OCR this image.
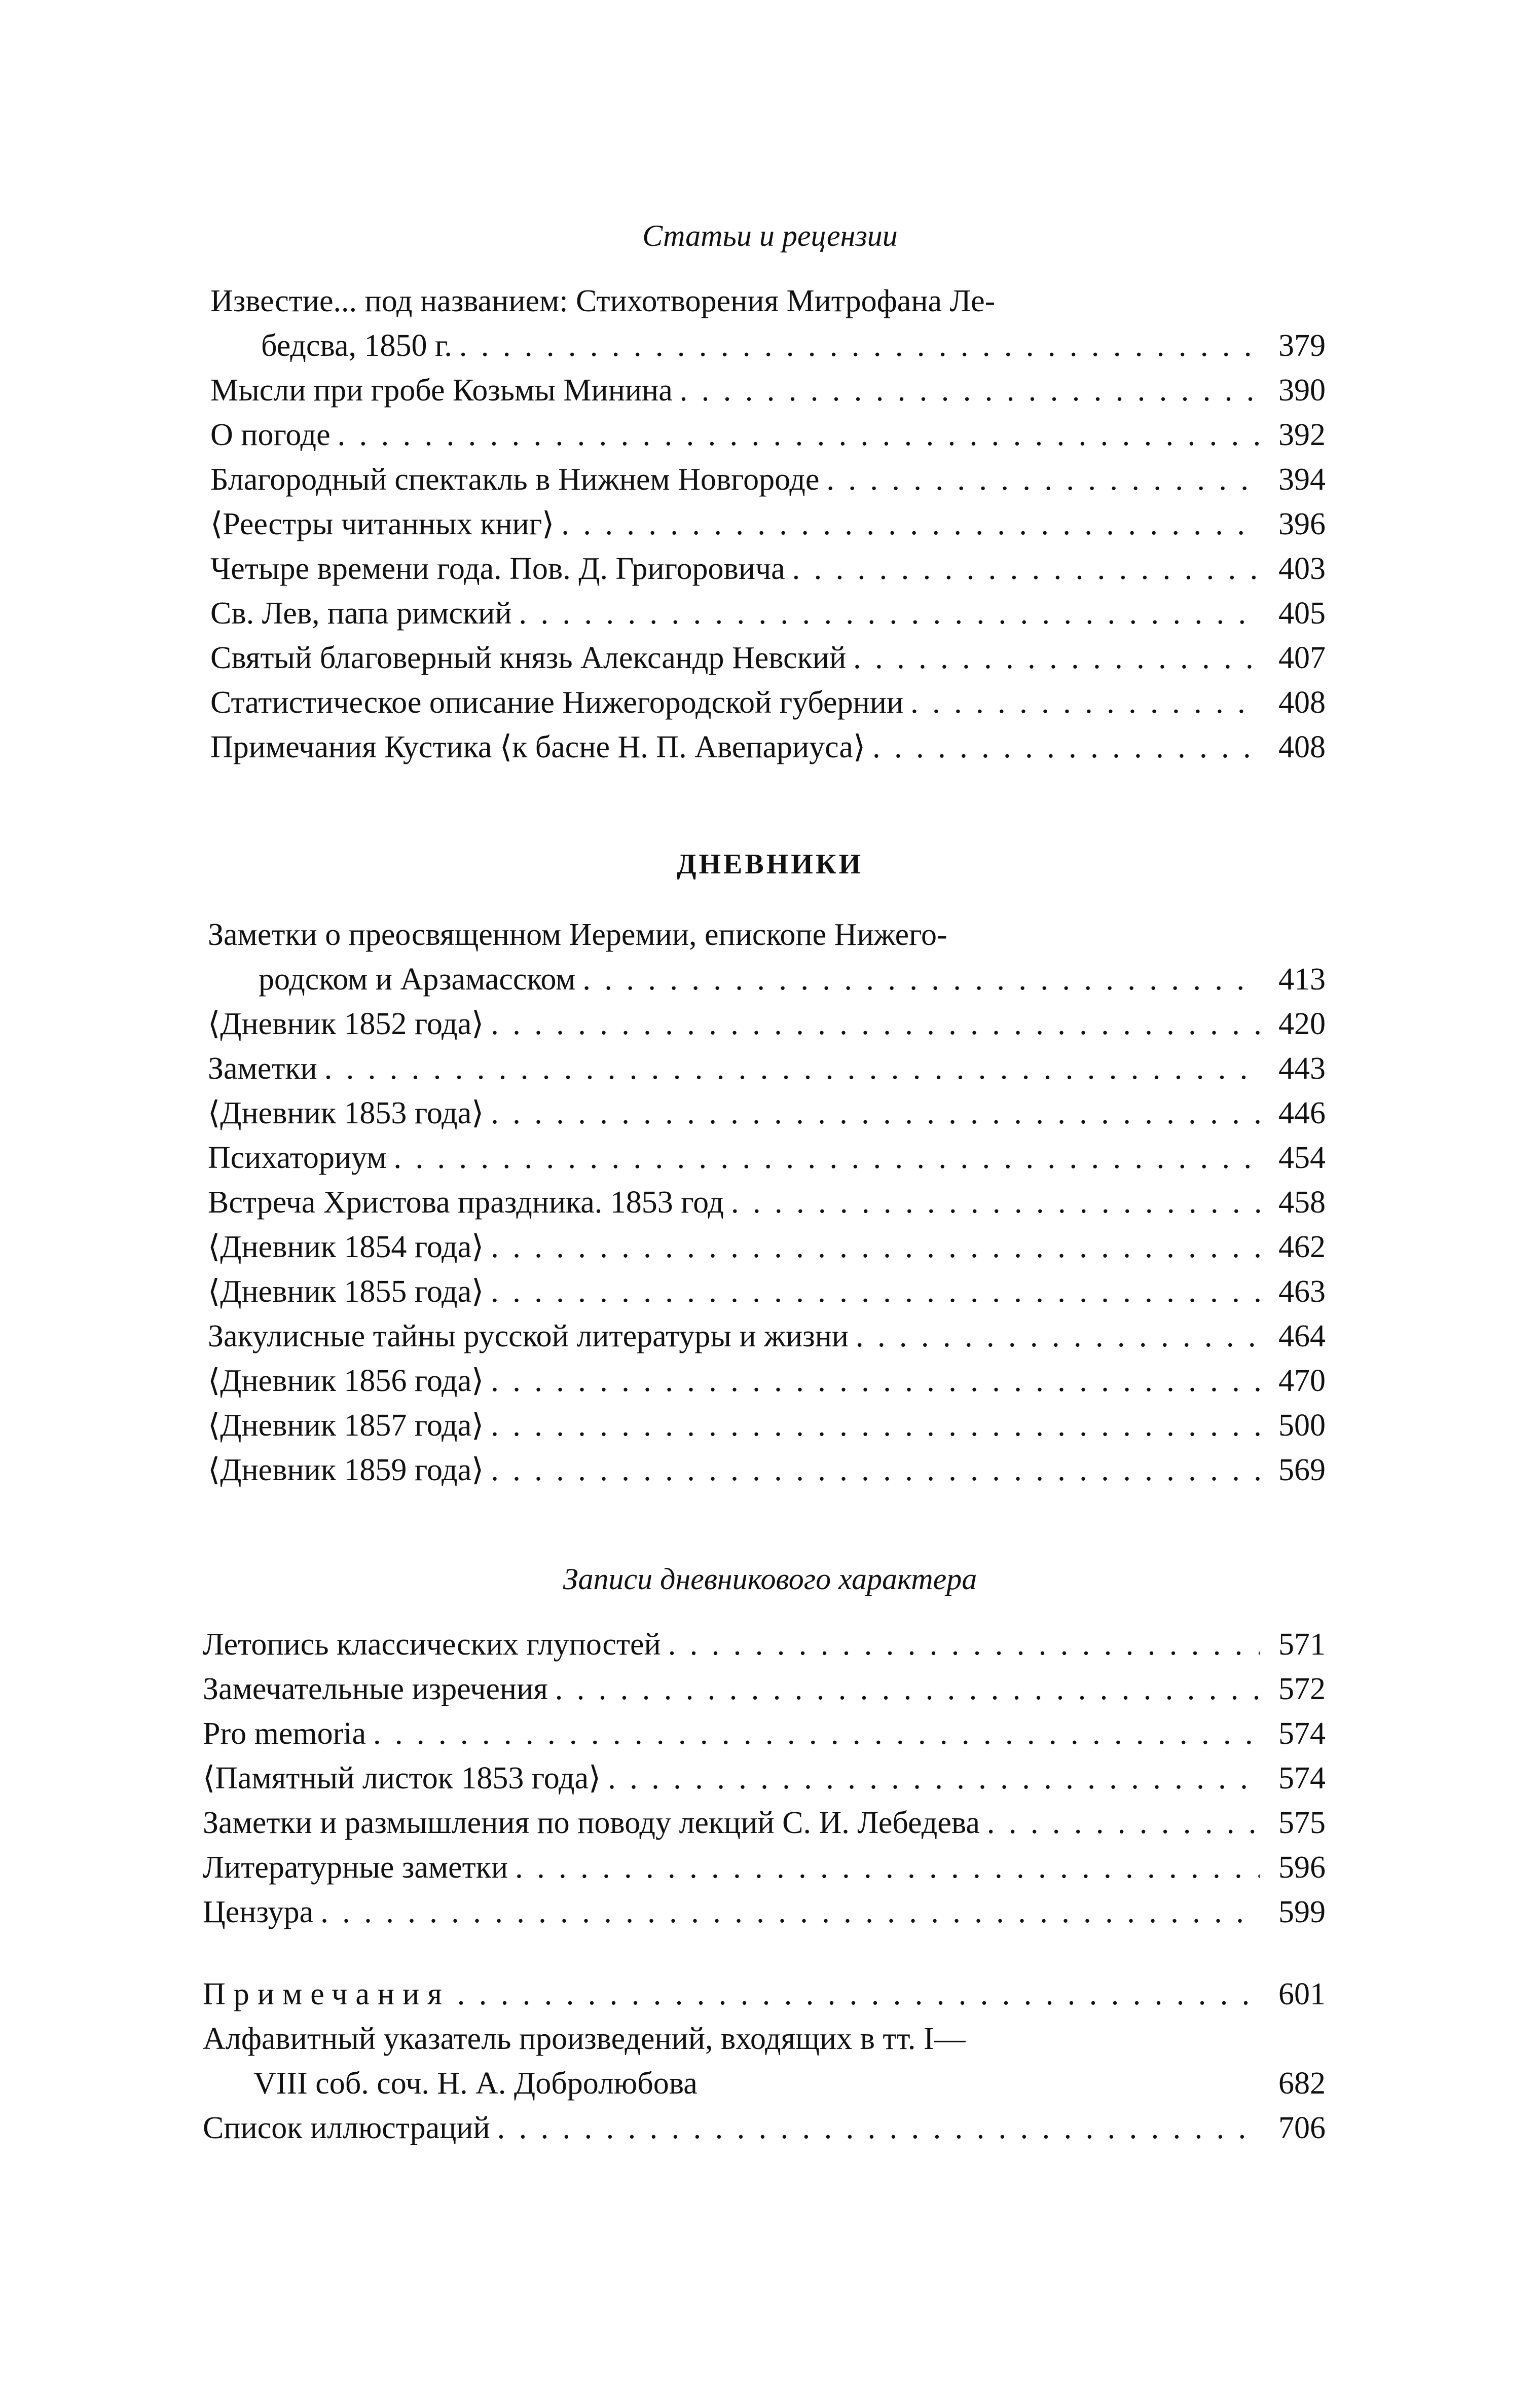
Статьи и рецензии
Известие... под названием: Стихотворения Митрофана Ле-
бедсва, 1850 г. . . .	379
Мысли при гробе Козьмы Минина . . .	390
О погоде . . .	392
Благородный спектакль в Нижнем Новгороде . . .	394
⟨Реестры читанных книг⟩ . . .	396
Четыре времени года. Пов. Д. Григоровича . . .	403
Св. Лев, папа римский . . .	405
Святый благоверный князь Александр Невский . . .	407
Статистическое описание Нижегородской губернии . . .	408
Примечания Кустика ⟨к басне Н. П. Авепариуса⟩ . . .	408
ДНЕВНИКИ
Заметки о преосвященном Иеремии, епископе Нижего-
родском и Арзамасском . . .	413
⟨Дневник 1852 года⟩ . . .	420
Заметки . . .	443
⟨Дневник 1853 года⟩ . . .	446
Психаториум . . .	454
Встреча Христова праздника. 1853 год . . .	458
⟨Дневник 1854 года⟩ . . .	462
⟨Дневник 1855 года⟩ . . .	463
Закулисные тайны русской литературы и жизни . . .	464
⟨Дневник 1856 года⟩ . . .	470
⟨Дневник 1857 года⟩ . . .	500
⟨Дневник 1859 года⟩ . . .	569
Записи дневникового характера
Летопись классических глупостей . . .	571
Замечательные изречения . . .	572
Pro memoria . . .	574
⟨Памятный листок 1853 года⟩ . . .	574
Заметки и размышления по поводу лекций С. И. Лебедева . . .	575
Литературные заметки . . .	596
Цензура . . .	599
Примечания . . .	601
Алфавитный указатель произведений, входящих в тт. I—
VIII соб. соч. Н. А. Добролюбова	682
Список иллюстраций . . .	706
